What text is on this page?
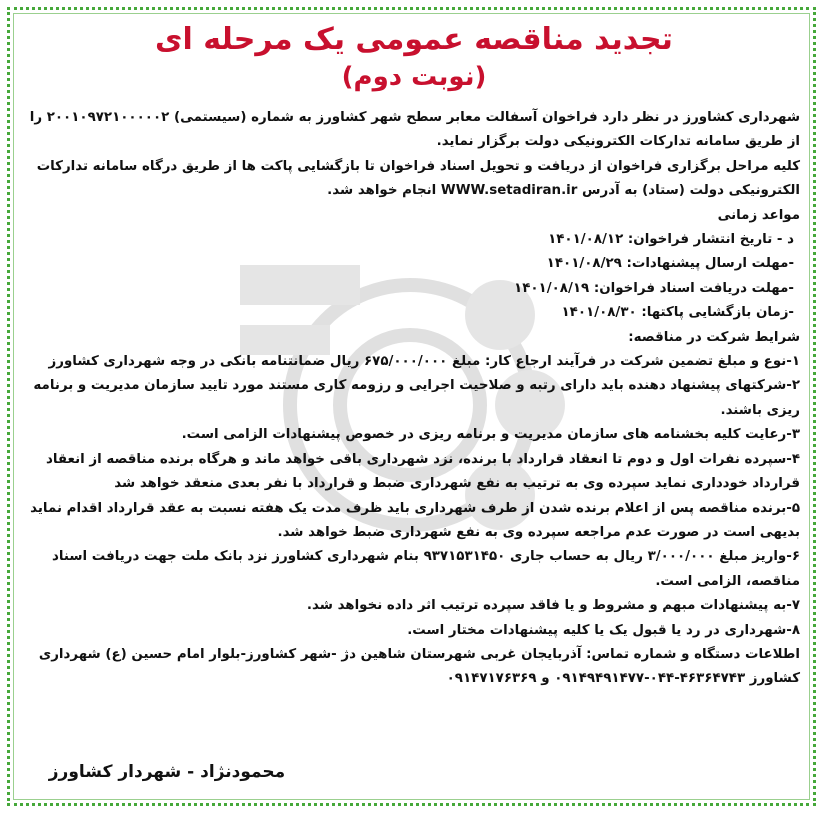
تجدید مناقصه عمومی یک مرحله ای
(نوبت دوم)

شهرداری کشاورز در نظر دارد فراخوان آسفالت معابر سطح شهر کشاورز به شماره (سیستمی) ۲۰۰۱۰۹۷۲۱۰۰۰۰۰۲ را از طریق سامانه تدارکات الکترونیکی دولت برگزار نماید.

کلیه مراحل برگزاری فراخوان از دریافت و تحویل اسناد فراخوان تا بازگشایی پاکت ها از طریق درگاه سامانه تدارکات الکترونیکی دولت (ستاد) به آدرس WWW.setadiran.ir انجام خواهد شد.

مواعد زمانی

د - تاریخ انتشار فراخوان: ۱۴۰۱/۰۸/۱۲

-مهلت ارسال پیشنهادات: ۱۴۰۱/۰۸/۲۹

-مهلت دریافت اسناد فراخوان: ۱۴۰۱/۰۸/۱۹

-زمان بازگشایی پاکتها: ۱۴۰۱/۰۸/۳۰

شرایط شرکت در مناقصه:

۱-نوع و مبلغ تضمین شرکت در فرآیند ارجاع کار: مبلغ ۶۷۵/۰۰۰/۰۰۰ ریال ضمانتنامه بانکی در وجه شهرداری کشاورز

۲-شرکتهای پیشنهاد دهنده باید دارای رتبه و صلاحیت اجرایی و رزومه کاری مستند مورد تایید سازمان مدیریت و برنامه ریزی باشند.

۳-رعایت کلیه بخشنامه های سازمان مدیریت و برنامه ریزی در خصوص پیشنهادات الزامی است.

۴-سپرده نفرات اول و دوم تا انعقاد قرارداد با برنده، نزد شهرداری باقی خواهد ماند و هرگاه برنده مناقصه از انعقاد قرارداد خودداری نماید سپرده وی به ترتیب به نفع شهرداری ضبط و قرارداد با نفر بعدی منعقد خواهد شد

۵-برنده مناقصه پس از اعلام برنده شدن از طرف شهرداری باید ظرف مدت یک هفته نسبت به عقد قرارداد اقدام نماید بدیهی است در صورت عدم مراجعه سپرده وی به نفع شهرداری ضبط خواهد شد.

۶-واریز مبلغ ۳/۰۰۰/۰۰۰ ریال به حساب جاری ۹۳۷۱۵۳۱۴۵۰ بنام شهرداری کشاورز نزد بانک ملت جهت دریافت اسناد مناقصه، الزامی است.

۷-به پیشنهادات مبهم و مشروط و یا فاقد سپرده ترتیب اثر داده نخواهد شد.

۸-شهرداری در رد یا قبول یک یا کلیه پیشنهادات مختار است.

اطلاعات دستگاه و شماره تماس: آذربایجان غربی شهرستان شاهین دژ -شهر کشاورز-بلوار امام حسین (ع) شهرداری کشاورز ۴۶۳۶۴۷۴۳-۰۴۴-۰۹۱۴۹۴۹۱۴۷۷ و ۰۹۱۴۷۱۷۶۳۶۹

محمودنژاد - شهردار کشاورز
